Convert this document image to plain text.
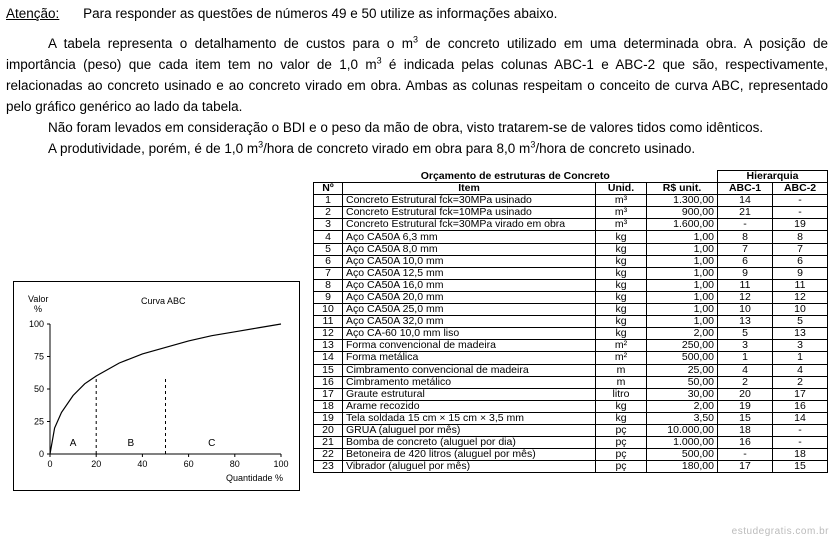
Atenção: Para responder as questões de números 49 e 50 utilize as informações abaixo.
A tabela representa o detalhamento de custos para o $m^3$ de concreto utilizado em uma determinada obra. A posição de importância (peso) que cada item tem no valor de 1,0 $m^3$ é indicada pelas colunas ABC-1 e ABC-2 que são, respectivamente, relacionadas ao concreto usinado e ao concreto virado em obra. Ambas as colunas respeitam o conceito de curva ABC, representado pelo gráfico genérico ao lado da tabela.
Não foram levados em consideração o BDI e o peso da mão de obra, visto tratarem-se de valores tidos como idênticos.
A produtividade, porém, é de 1,0 $m^3$/hora de concreto virado em obra para 8,0 $m^3$/hora de concreto usinado.
Orçamento de estruturas de Concreto				Hierarquia	
Nº	Item	Unid.	R$ unit.	ABC-1	ABC-2
1	Concreto Estrutural fck=30MPa usinado	m³	1.300,00	14	-
2	Concreto Estrutural fck=10MPa usinado	m³	900,00	21	-
3	Concreto Estrutural fck=30MPa virado em obra	m³	1.600,00	-	19
4	Aço CA50A 6,3 mm	kg	1,00	8	8
5	Aço CA50A 8,0 mm	kg	1,00	7	7
6	Aço CA50A 10,0 mm	kg	1,00	6	6
7	Aço CA50A 12,5 mm	kg	1,00	9	9
8	Aço CA50A 16,0 mm	kg	1,00	11	11
9	Aço CA50A 20,0 mm	kg	1,00	12	12
10	Aço CA50A 25,0 mm	kg	1,00	10	10
11	Aço CA50A 32,0 mm	kg	1,00	13	5
12	Aço CA-60 10,0 mm liso	kg	2,00	5	13
13	Forma convencional de madeira	m²	250,00	3	3
14	Forma metálica	m²	500,00	1	1
15	Cimbramento convencional de madeira	m	25,00	4	4
16	Cimbramento metálico	m	50,00	2	2
17	Graute estrutural	litro	30,00	20	17
18	Arame recozido	kg	2,00	19	16
19	Tela soldada 15 cm × 15 cm × 3,5 mm	kg	3,50	15	14
20	GRUA (aluguel por mês)	pç	10.000,00	18	-
21	Bomba de concreto (aluguel por dia)	pç	1.000,00	16	-
22	Betoneira de 420 litros (aluguel por mês)	pç	500,00	-	18
23	Vibrador (aluguel por mês)	pç	180,00	17	15
Valor
%
Curva ABC
Quantidade %
0	20	40	60	80	100
0
25
50
75
100
A	B	C
estudegratis.com.br
